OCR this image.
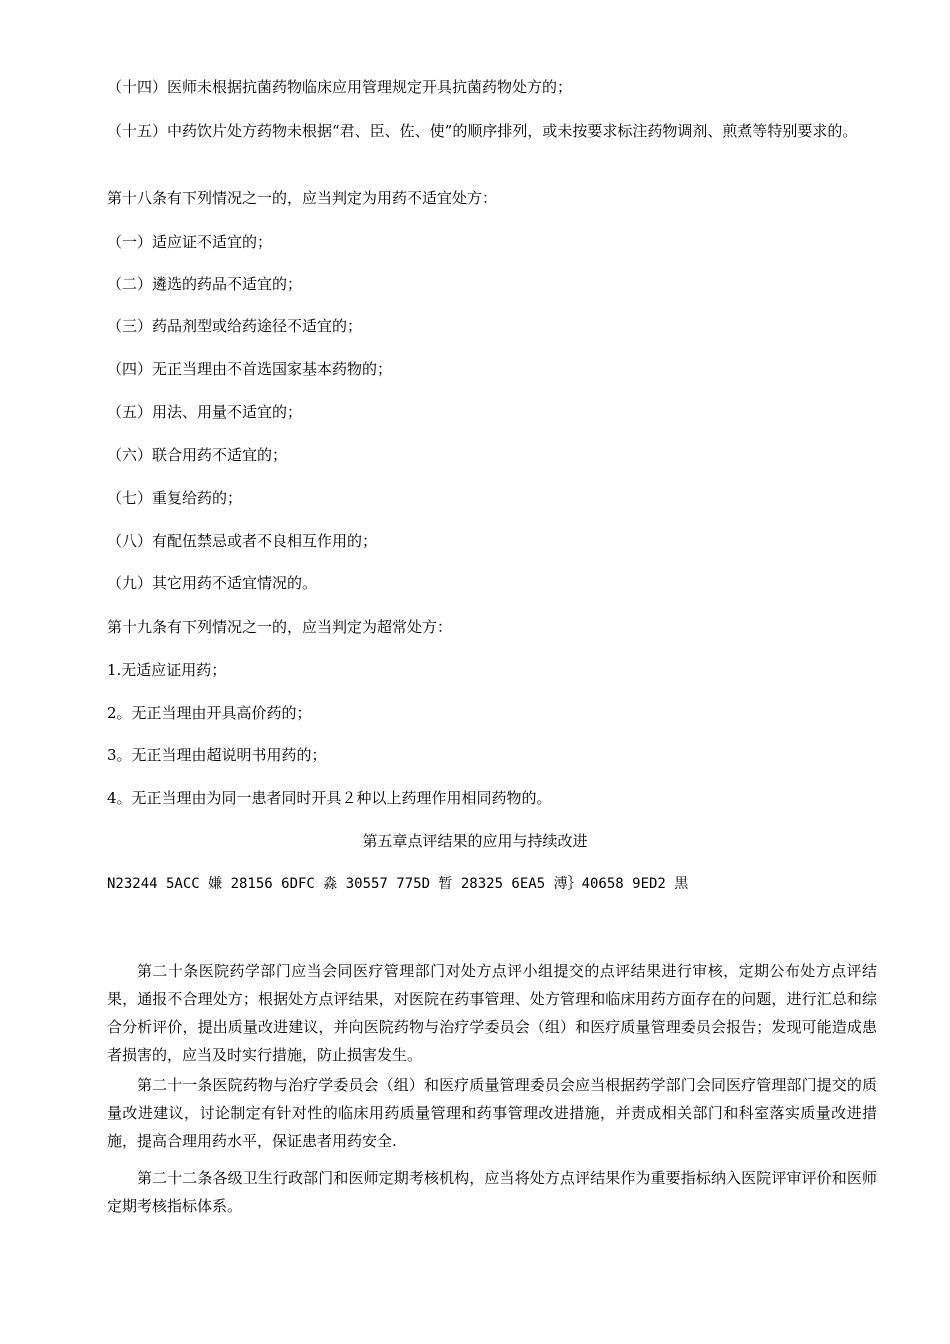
（十四）医师未根据抗菌药物临床应用管理规定开具抗菌药物处方的；
（十五）中药饮片处方药物未根据“君、臣、佐、使”的顺序排列，或未按要求标注药物调剂、煎煮等特别要求的。
第十八条有下列情况之一的，应当判定为用药不适宜处方：
（一）适应证不适宜的；
（二）遴选的药品不适宜的；
（三）药品剂型或给药途径不适宜的；
（四）无正当理由不首选国家基本药物的；
（五）用法、用量不适宜的；
（六）联合用药不适宜的；
（七）重复给药的；
（八）有配伍禁忌或者不良相互作用的；
（九）其它用药不适宜情况的。
第十九条有下列情况之一的，应当判定为超常处方：
1.无适应证用药；
2。无正当理由开具高价药的；
3。无正当理由超说明书用药的；
4。无正当理由为同一患者同时开具２种以上药理作用相同药物的。
第五章点评结果的应用与持续改进
N23244 5ACC 嫌 28156 6DFC 淼 30557 775D 暂 28325 6EA5 溥｝40658 9ED2 黒
第二十条医院药学部门应当会同医疗管理部门对处方点评小组提交的点评结果进行审核，定期公布处方点评结果，通报不合理处方；根据处方点评结果，对医院在药事管理、处方管理和临床用药方面存在的问题，进行汇总和综合分析评价，提出质量改进建议，并向医院药物与治疗学委员会（组）和医疗质量管理委员会报告；发现可能造成患者损害的，应当及时实行措施，防止损害发生。
第二十一条医院药物与治疗学委员会（组）和医疗质量管理委员会应当根据药学部门会同医疗管理部门提交的质量改进建议，讨论制定有针对性的临床用药质量管理和药事管理改进措施，并责成相关部门和科室落实质量改进措施，提高合理用药水平，保证患者用药安全.
第二十二条各级卫生行政部门和医师定期考核机构，应当将处方点评结果作为重要指标纳入医院评审评价和医师定期考核指标体系。
